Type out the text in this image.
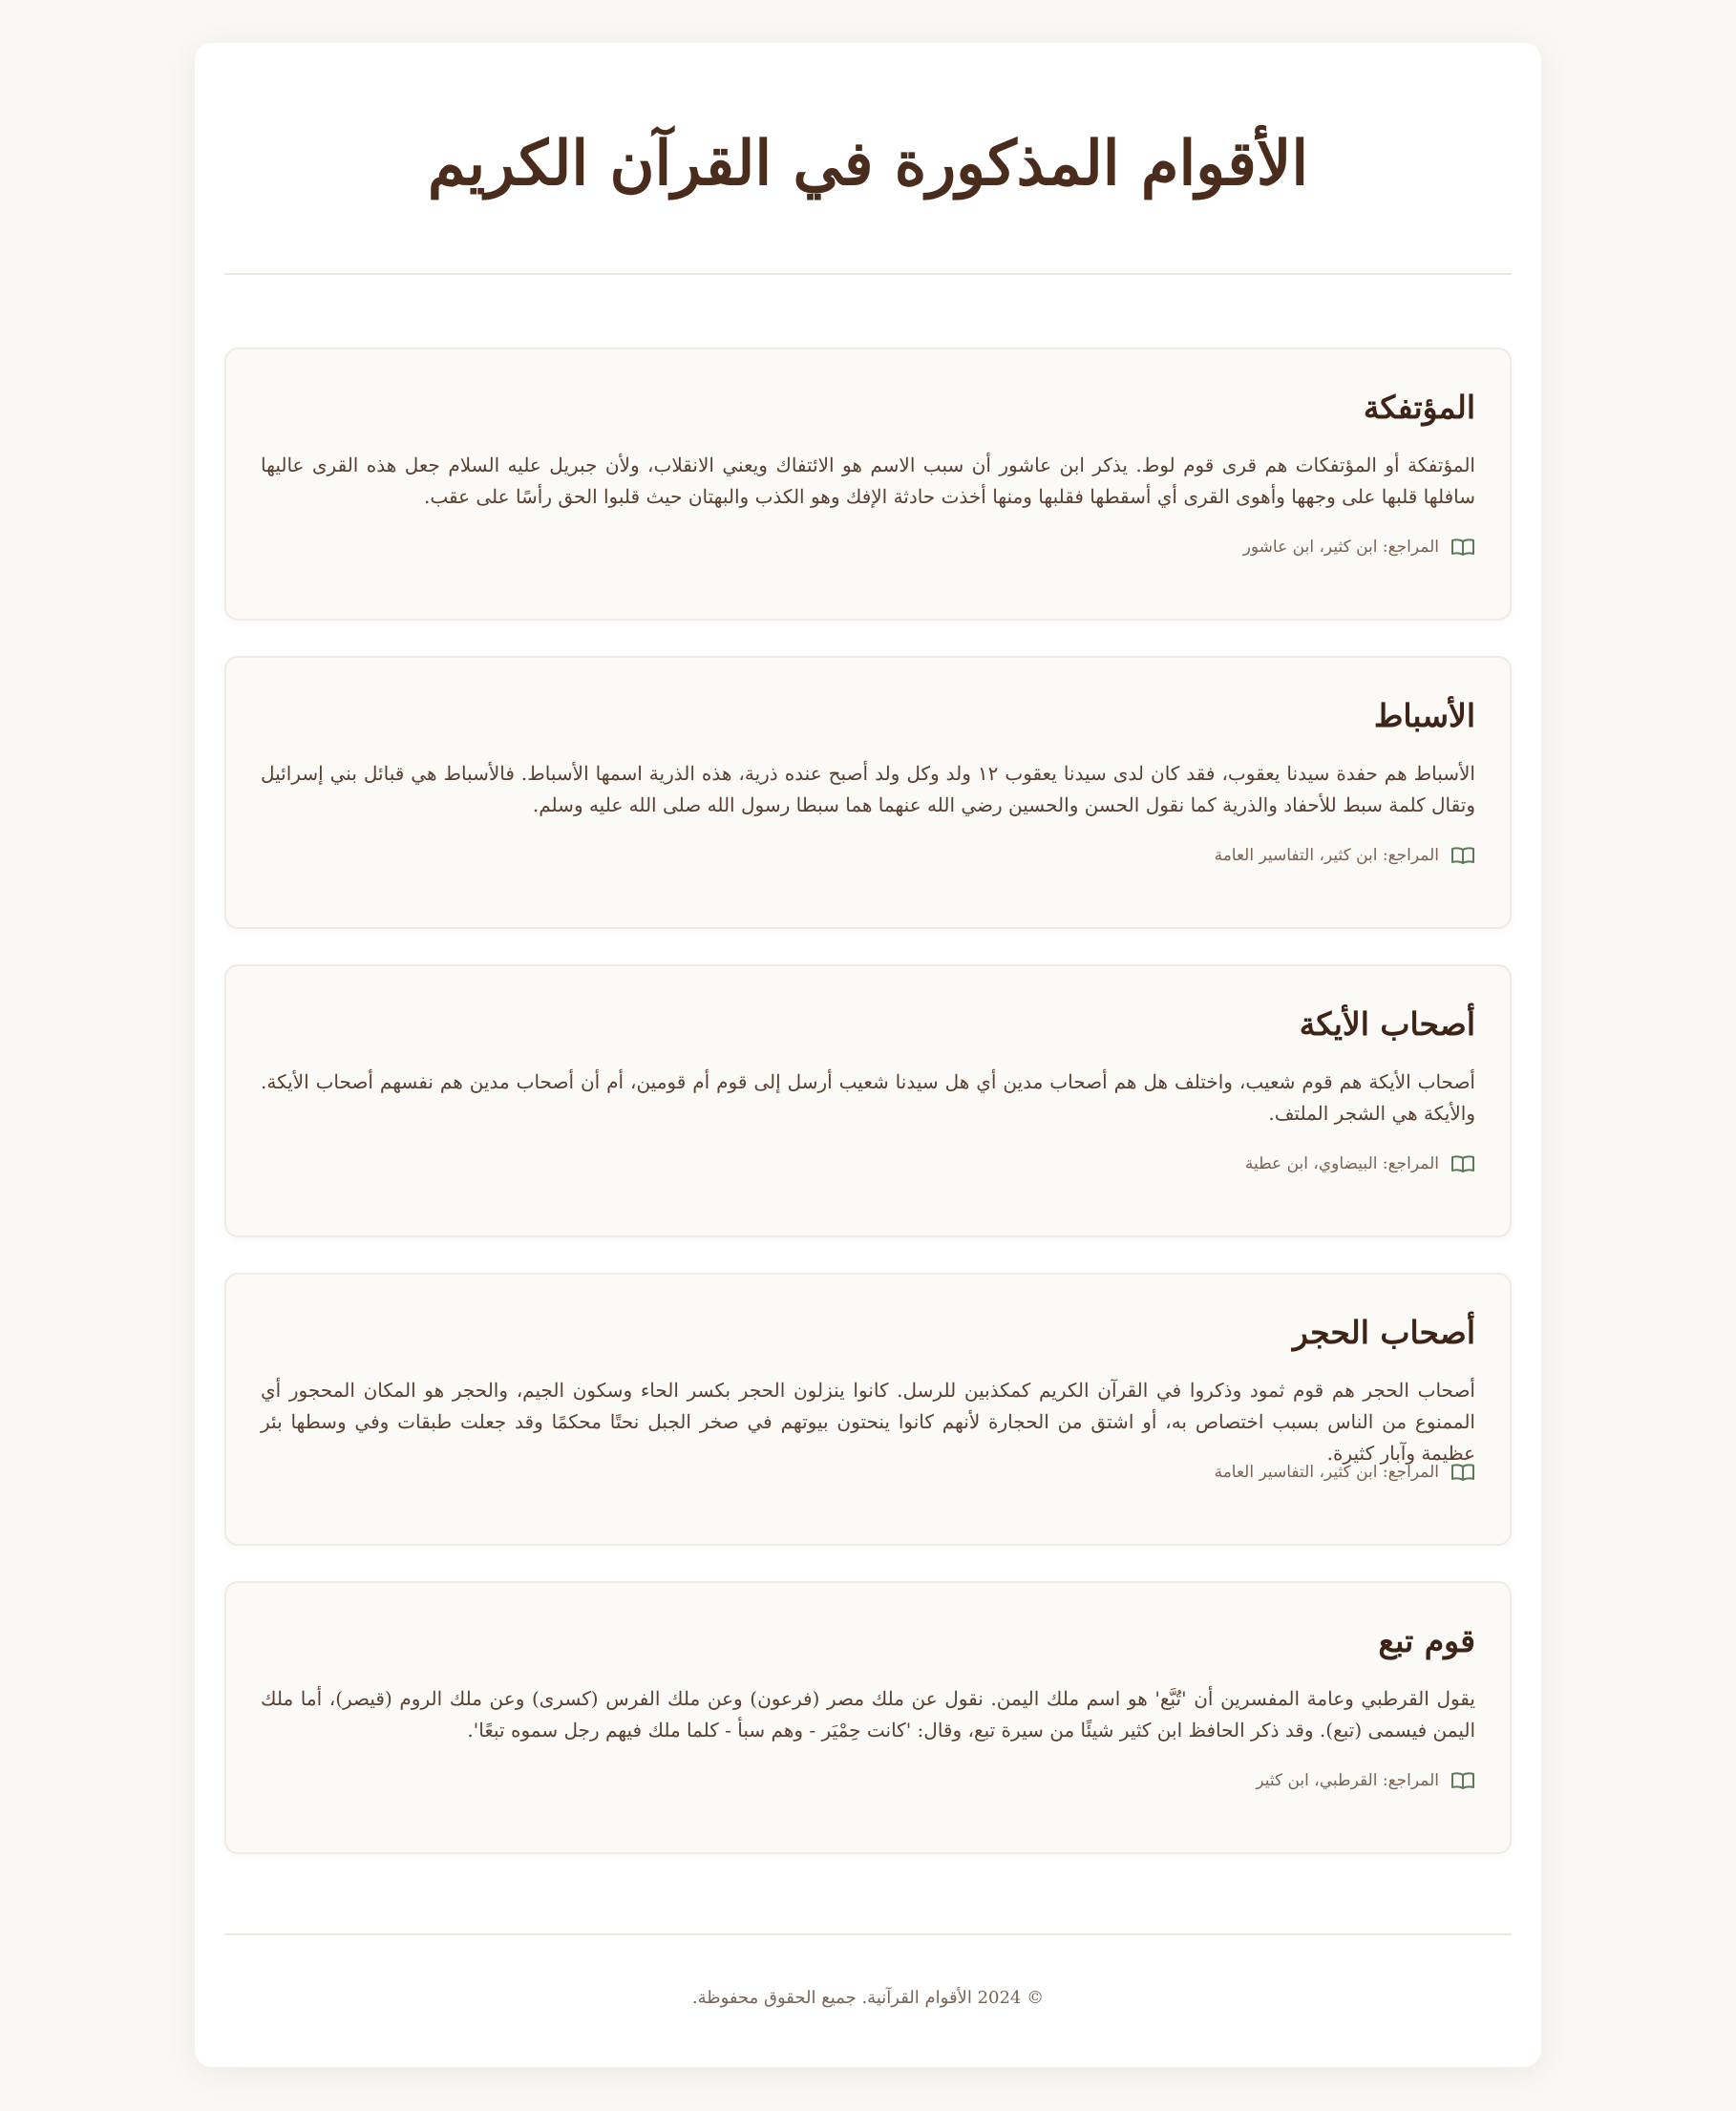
الأقوام المذكورة في القرآن الكريم
المؤتفكة

المؤتفكة أو المؤتفكات هم قرى قوم لوط. يذكر ابن عاشور أن سبب الاسم هو الائتفاك ويعني الانقلاب، ولأن جبريل عليه السلام جعل هذه القرى عاليها سافلها قلبها على وجهها وأهوى القرى أي أسقطها فقلبها ومنها أخذت حادثة الإفك وهو الكذب والبهتان حيث قلبوا الحق رأسًا على عقب.

المراجع: ابن كثير، ابن عاشور
الأسباط

الأسباط هم حفدة سيدنا يعقوب، فقد كان لدى سيدنا يعقوب ١٢ ولد وكل ولد أصبح عنده ذرية، هذه الذرية اسمها الأسباط. فالأسباط هي قبائل بني إسرائيل وتقال كلمة سبط للأحفاد والذرية كما نقول الحسن والحسين رضي الله عنهما هما سبطا رسول الله صلى الله عليه وسلم.

المراجع: ابن كثير، التفاسير العامة
أصحاب الأيكة

أصحاب الأيكة هم قوم شعيب، واختلف هل هم أصحاب مدين أي هل سيدنا شعيب أرسل إلى قوم أم قومين، أم أن أصحاب مدين هم نفسهم أصحاب الأيكة. والأيكة هي الشجر الملتف.

المراجع: البيضاوي، ابن عطية
أصحاب الحجر

أصحاب الحجر هم قوم ثمود وذكروا في القرآن الكريم كمكذبين للرسل. كانوا ينزلون الحجر بكسر الحاء وسكون الجيم، والحجر هو المكان المحجور أي الممنوع من الناس بسبب اختصاص به، أو اشتق من الحجارة لأنهم كانوا ينحتون بيوتهم في صخر الجبل نحتًا محكمًا وقد جعلت طبقات وفي وسطها بئر عظيمة وآبار كثيرة.

المراجع: ابن كثير، التفاسير العامة
قوم تبع

يقول القرطبي وعامة المفسرين أن 'تُبَّع' هو اسم ملك اليمن. نقول عن ملك مصر (فرعون) وعن ملك الفرس (كسرى) وعن ملك الروم (قيصر)، أما ملك اليمن فيسمى (تبع). وقد ذكر الحافظ ابن كثير شيئًا من سيرة تبع، وقال: 'كانت حِمْيَر - وهم سبأ - كلما ملك فيهم رجل سموه تبعًا'.

المراجع: القرطبي، ابن كثير
© 2024 الأقوام القرآنية. جميع الحقوق محفوظة.
